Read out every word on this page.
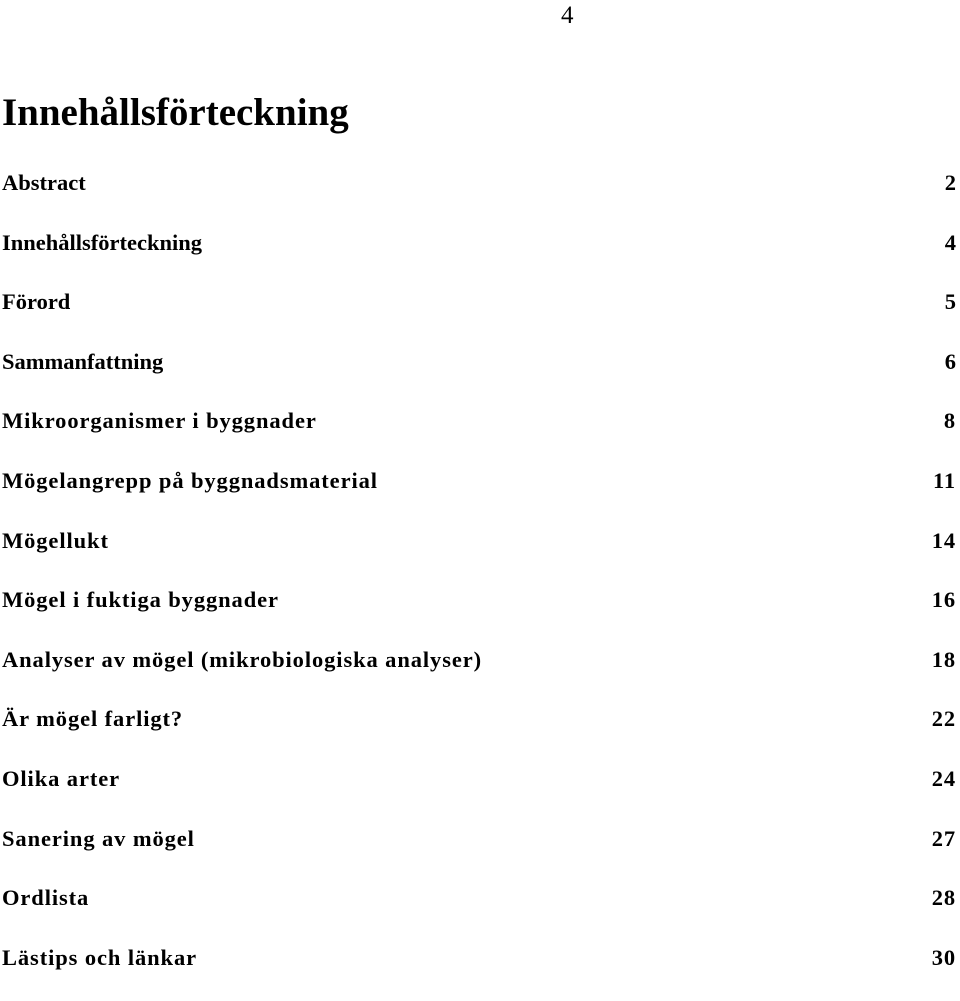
4
Innehållsförteckning
Abstract	2
Innehållsförteckning	4
Förord	5
Sammanfattning	6
Mikroorganismer i byggnader	8
Mögelangrepp på byggnadsmaterial	11
Mögellukt	14
Mögel i fuktiga byggnader	16
Analyser av mögel (mikrobiologiska analyser)	18
Är mögel farligt?	22
Olika arter	24
Sanering av mögel	27
Ordlista	28
Lästips och länkar	30
